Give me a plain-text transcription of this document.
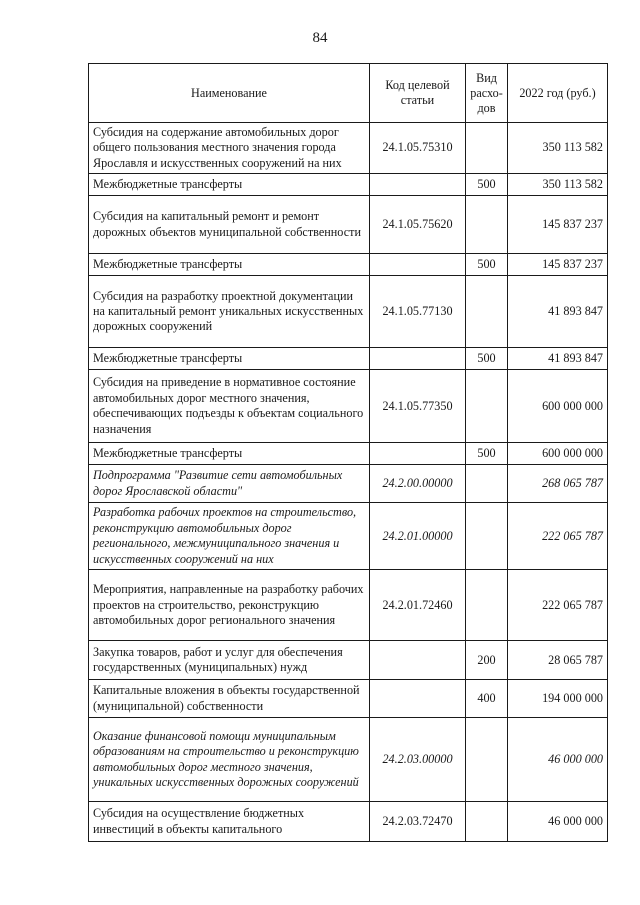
84
Наименование	Код целевой статьи	Вид расхо-дов	2022 год (руб.)
Субсидия на содержание автомобильных дорог общего пользования местного значения города Ярославля и искусственных сооружений на них	24.1.05.75310		350 113 582
Межбюджетные трансферты		500	350 113 582
Субсидия на капитальный ремонт и ремонт дорожных объектов муниципальной собственности	24.1.05.75620		145 837 237
Межбюджетные трансферты		500	145 837 237
Субсидия на разработку проектной документации на капитальный ремонт уникальных искусственных дорожных сооружений	24.1.05.77130		41 893 847
Межбюджетные трансферты		500	41 893 847
Субсидия на приведение в нормативное состояние автомобильных дорог местного значения, обеспечивающих подъезды к объектам социального назначения	24.1.05.77350		600 000 000
Межбюджетные трансферты		500	600 000 000
Подпрограмма "Развитие сети автомобильных дорог Ярославской области"	24.2.00.00000		268 065 787
Разработка рабочих проектов на строительство, реконструкцию автомобильных дорог регионального, межмуниципального значения и искусственных сооружений на них	24.2.01.00000		222 065 787
Мероприятия, направленные на разработку рабочих проектов на строительство, реконструкцию автомобильных дорог регионального значения	24.2.01.72460		222 065 787
Закупка товаров, работ и услуг для обеспечения государственных (муниципальных) нужд		200	28 065 787
Капитальные вложения в объекты государственной (муниципальной) собственности		400	194 000 000
Оказание финансовой помощи муниципальным образованиям на строительство и реконструкцию автомобильных дорог местного значения, уникальных искусственных дорожных сооружений	24.2.03.00000		46 000 000
Субсидия на осуществление бюджетных инвестиций в объекты капитального	24.2.03.72470		46 000 000
